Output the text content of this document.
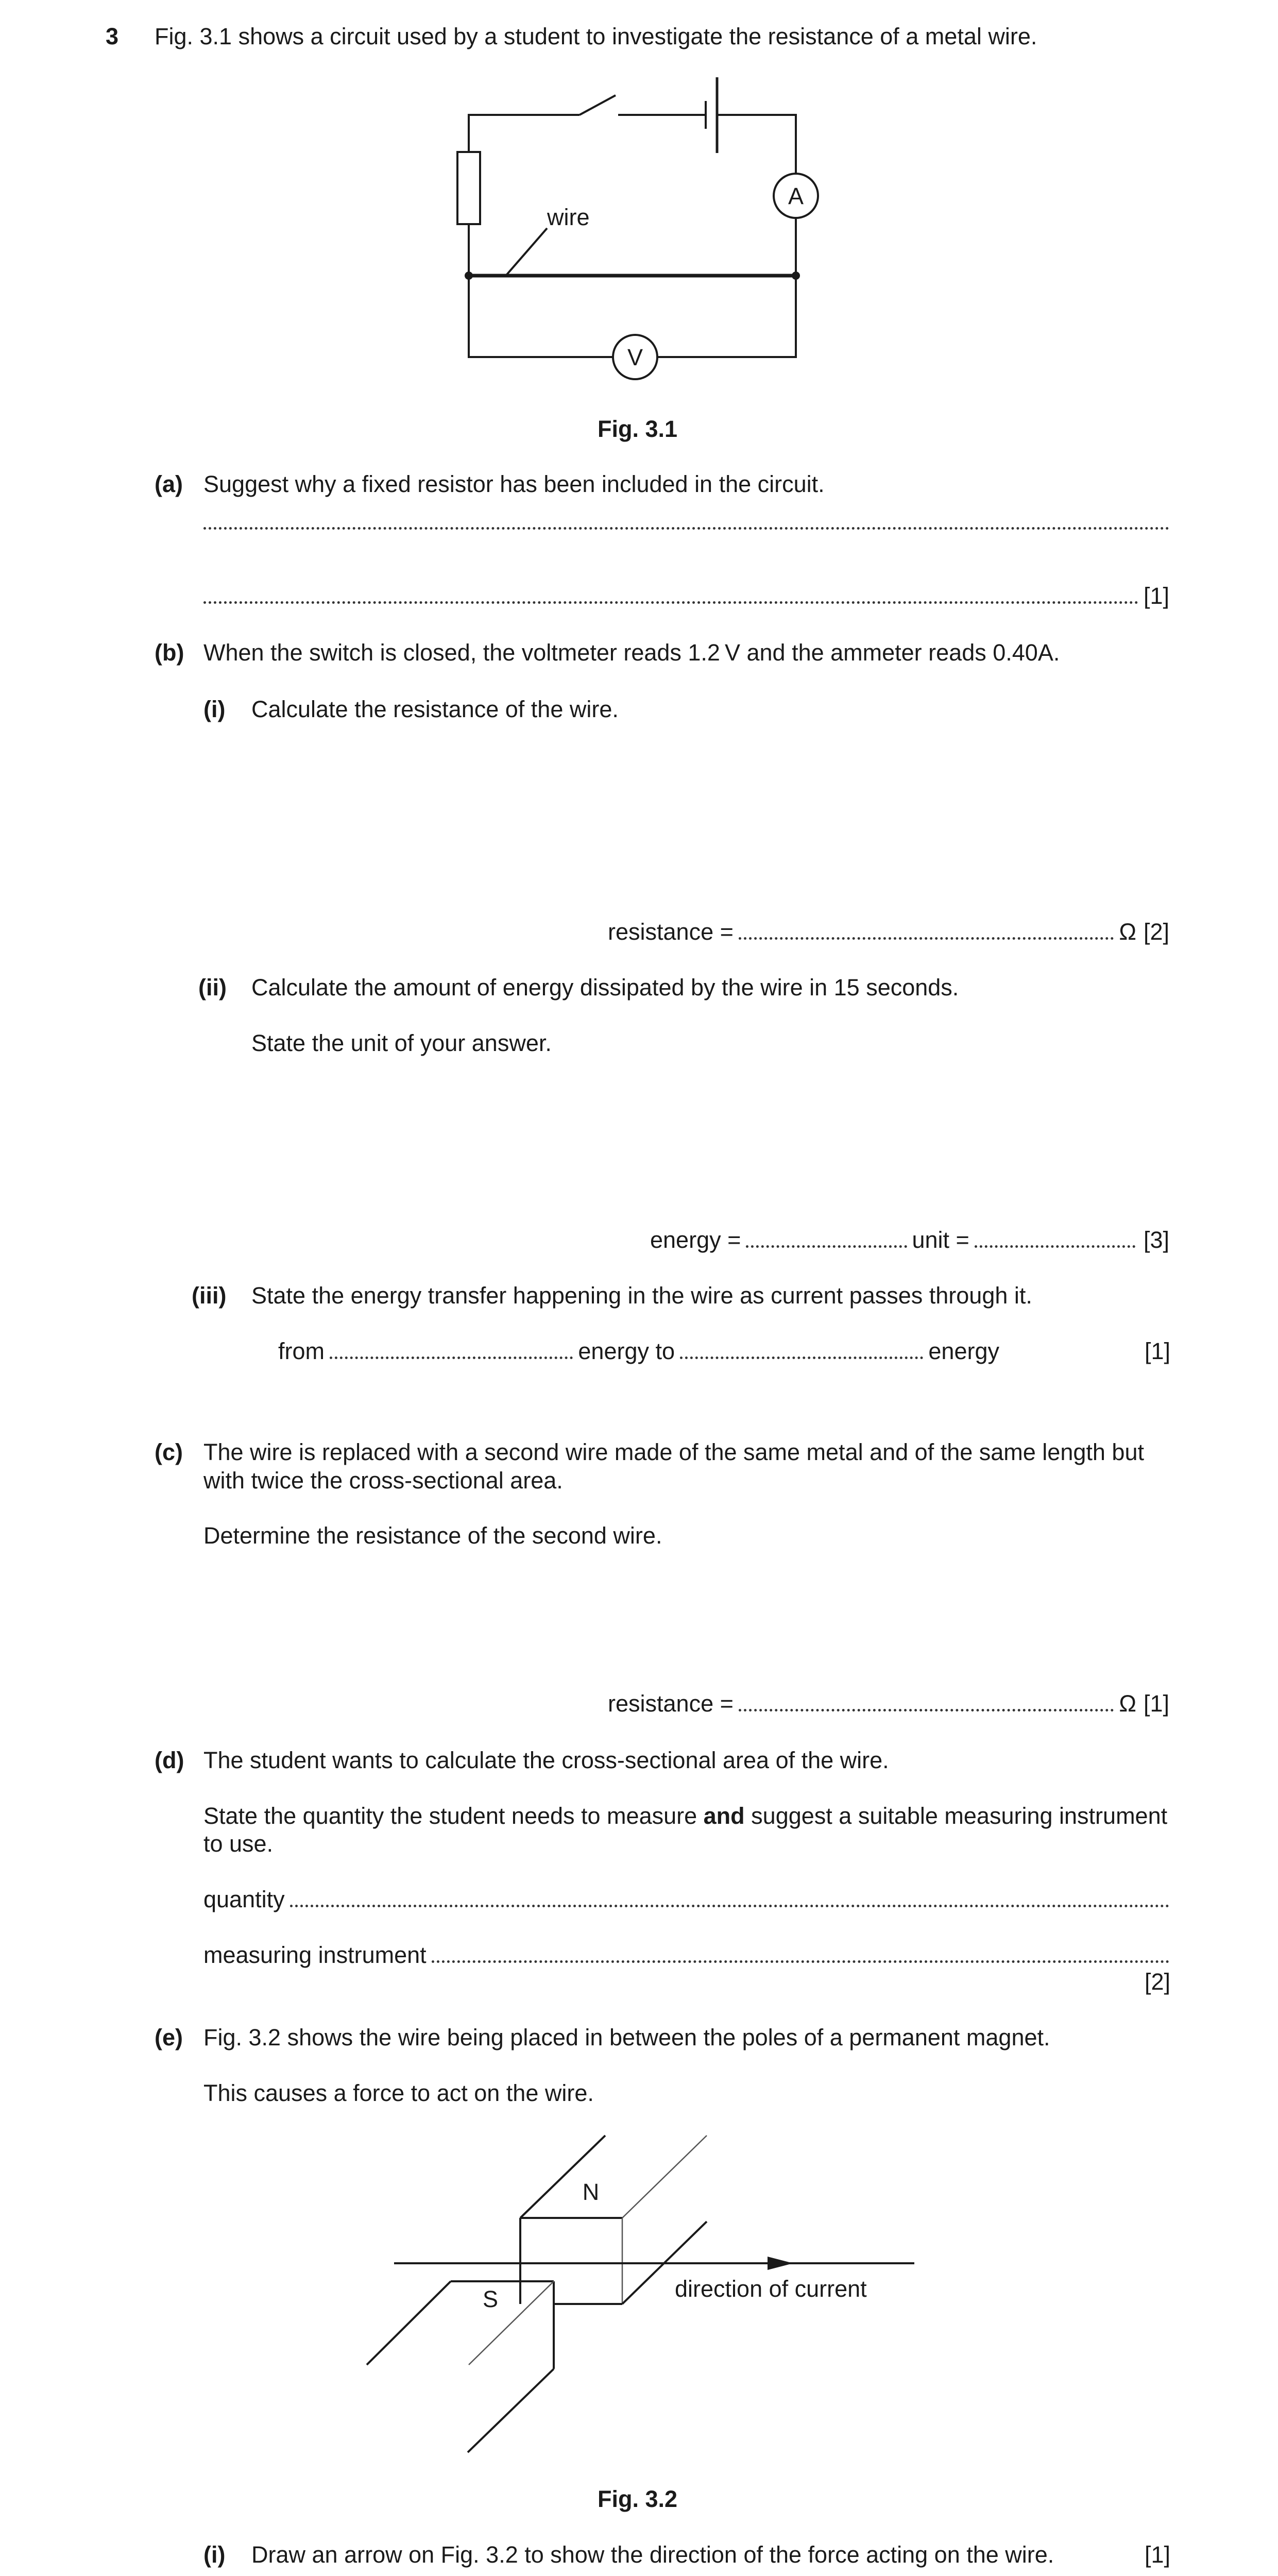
3 Fig. 3.1 shows a circuit used by a student to investigate the resistance of a metal wire.
A
wire
V
Fig. 3.1
(a) Suggest why a fixed resistor has been included in the circuit.
[1]
(b) When the switch is closed, the voltmeter reads 1.2 V and the ammeter reads 0.40A.
(i) Calculate the resistance of the wire.
resistance =	Ω [2]
(ii) Calculate the amount of energy dissipated by the wire in 15 seconds.
State the unit of your answer.
energy =	unit =	[3]
(iii) State the energy transfer happening in the wire as current passes through it.
from	energy to	energy	[1]
(c) The wire is replaced with a second wire made of the same metal and of the same length but
with twice the cross-sectional area.
Determine the resistance of the second wire.
resistance =	Ω [1]
(d) The student wants to calculate the cross-sectional area of the wire.
State the quantity the student needs to measure and suggest a suitable measuring instrument
to use.
quantity
measuring instrument
[2]
(e) Fig. 3.2 shows the wire being placed in between the poles of a permanent magnet.
This causes a force to act on the wire.
N
direction of current
S
Fig. 3.2
(i) Draw an arrow on Fig. 3.2 to show the direction of the force acting on the wire.	[1]
